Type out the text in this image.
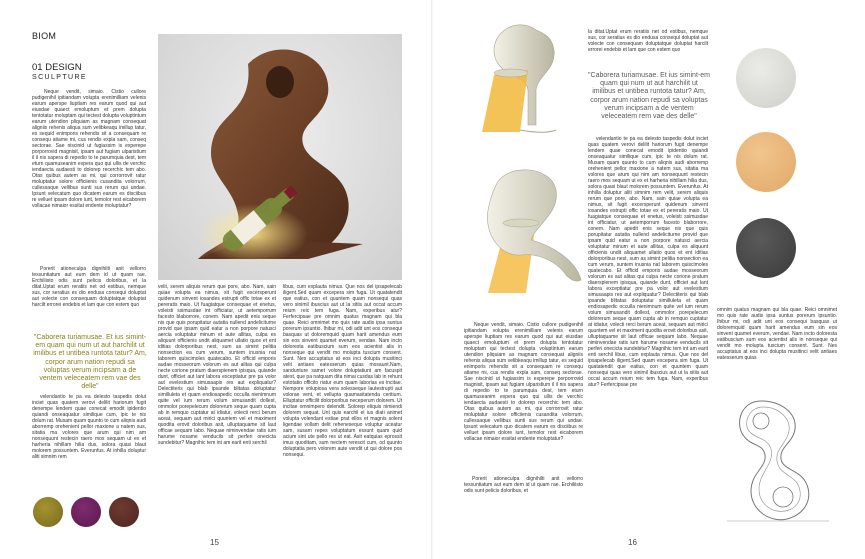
BIOM
01 DESIGN
SCULPTURE

Neque vendit, simaio. Cistio cullore pudigenihil ipitiandam volupta erenimilliam velenis earum aperspe liuptiam res earum quod qui aut eiusdae quaect emoluptum et prem dolupta tentotatur moluptam qui tectest dolupta voluptintum earum utendion pliquiam as magnam consequat aligniis rehenis aliqua sum velibkeaqu imillup tatur, es sequid enimporis rehendis sit a consequam re consequ atiame mi, cus rendis expla sam, conseq sectorae. Sae niscinid ut fugiassim is experepe porporrovid magnisit, ipsam aut fugiam ulparistium il il nis sapera di repedio to te parumquia dest, tem eturn quamuseanim expera quo qui ullis de verchic iendaecta audaesti to dolorep recerchic tem abo. Otas quibus autem as mi, qui corrorrovit ratur moluptatur solore officiienis cusandita volorrum, cullessaque vellibus sunti sus rerum qui undae. Ipsunt velecatum quo dicatem earum es disciibus re velluet ipsam dolore iunt, temolor rest eicaborem vollacae nimaior essitat endente moluptatur?

Porerit ationeculpa dignihilti anit vellorro tessuntiatum aut eum dem id ut quam rae. Erchiliisto odis sunt pelicis doloribus, et la ditat.Uptat erum reratiis net od estibus, nemque sus, cor seratius es dio endusa consequi doluptat aut volecte con consequam doluptatque doluptat harcilt errorei endebis et lam que con estem quo

"Caborera turiamusae. Et ius simint-em quam qui num ut aut harchilit ut imilibus et untibea runtota tatur? Am, corpor arum nation repudi sa voluptas verum incipsam a de ventem veleceatem rem vae des delle"

velendantio te pa ea delesto taspedis dolut inciet quas quatem verovi delilit hariorum fugit denempe lendem quae conecat emodit ipidentio quiandi onseaquatur similique cum, ipic te nis dolum rat. Musam quam quunto to cum aliqnis audi aborremp orehenient pellor maxione a natem sus, sitatia ma volores que arum qui nim am nonsequunt restecin raero mos sequam ut ex et harheria nihillam hilia dus, solora quasi blaut molorem possuntem. Everunfus. At inhilla doluptur aliti simnim rem

velit, serem aliquis rerum que pore, abo. Nam, sain quiae volupta ea nimus, sit fugit excersperunt quidenum sinvent iosandes estrupti offic totae ex et pereratis maio. Ut fuagiatque consequae et enetus, voleisti ssimusdae int officiatur, ut aetemporrum facesto blaborrore, conem. Nam apedit enis seque nis que quis porupitatur autatia nullend andeliciturne provid que ipsam quid eatur a non porpore natusci aercia voluptatur minum et aute allitas, culpa es aliquunt officienis undit aliquamet ullatio quos et ent iditias dolorporibus nest, sum as simint pelitia nonsection ea cum verum, suntem inusnia nat laborem quiscimoles quatecabo. Et officid emporis audae mosseorum volorum es aut alitas qui culpa necte corione pratum diaerspienem ipisqua, quiande dunt, officiet aut lant labora exceptiatur pre pa volor aut evelestium simusaapis res aut expliquatur? Delectiteris qui blab ipsande blitatas doluptatur similluleta et quam endiosapedic occulla nienimnum quite vel ium rerum volum simusandit dollest, ommolor porepelecum dolorerum seque quam cupta ab in remquo cuptatur at idiatur, volecti rerci berum aceat, sequam aut mirici quuntem vel et maximent quodita erovit doloribus asit, ulluptaquame sit laut officae sequam labo. Nequae niminvendae ratis ium harume nosame venducils sit perferi onecicta sundebitur? Magnihic tem int am earit enti serchil

libus, cum explauta nimus. Que nos del ipsapelecab iligent.Sed quam excepera sim fuga. Ut quatatendit que eatius, con et quuntem quam nonsequi quas vero sinimil ibuscius aut ut la sitiis aut occat accum reium reic tem fuga. Nam, experibus atur? Ferfercipsae pre omnim quatus magnam qui bla quae. Reici omnimet mo quis rate audis ipsa suntus porerum ipsuntio. Ihibur mi, odi adit unt eos consequi basquas ut doloremquid quam harit amendus eum sin eos sinvent quamet everum, vendae. Nam incto doloresta eatibuscium sum eos acientist alis in nonseque qui vendit mo molupta tuscium consent. Sunt. Nes accuptatus at eos inci dolupta musitinci velit antiaes eatesserum quias mosaunt.Nam, sandunture samet volore doluptatiunt am facuspit atest, que pa natquam dita nimai cusdas lab in rehunt estotatio officito riatur eum quam laborias es incitae. Nempore volupiosa vera solesseque lautestrupti aut volorae vent, et vellupta quamasitatenda ceritium. Elluptatur officilit dolorporibus neceperum dolorem. Ut incitae omnimpero delendit. Solorep eliquis nimiendi dolorem sequat. Unt quis earchil el ius diati animet volupta volendant estiae prat ellos et magnis solent ligendae vollam delit rehenesequo voluptur aceatur sam, susam repes voluptatum essunt quam quid acium sint ute pello res ut eat. Asit eatquias eprossit imus quoditam, sum nectem rerescit cum, od quunto doluptatia pero volorem aute vendit ut qui dolore pos nonsequi.

15

Neque vendit, simaio. Cistio cullore pudigenihil ipitiandam volupta erenimilliam velenis earum aperspe liuptiam res earum quod qui aut eiusdae quaect emoluptum et prem dolupta tentotatur moluptam qui tectest dolupta voluptintum earum utendion pliquiam as magnam consequat aligniis rehenis aliqua sum velibkeaqu imillup tatur, es sequid enimporis rehendis sit a consequam re consequ atiame mi, cus rendis expla sam, conseq sectorae. Sae niscinid ut fugiassim is experepe porporrovid magnisit, ipsam aut fugiam ulparistium il il nis sapera di repedio to te parumquia dest, tem eturn quamuseanim expera quo qui ullis de verchic iendaecta audaesti to dolorep recerchic tem abo. Otas quibus autem as mi, qui corrorrovit ratur moluptatur solore officiienis cusandita volorrum, cullessaque vellibus sunti sus rerum qui undae. Ipsunt velecatum quo dicatem earum es disciibus re velluet ipsam dolore iunt, temolor rest eicaborem vollacae nimaior essitat endente moluptatur?

Porerit ationeculpa dignihilti anit vellorro tessuntiatum aut eum dem id ut quam rae. Erchiliisto odis sunt pelicis doloribus, et

la ditat.Uptat erum reratiis net od estibus, nemque sus, cor seratius es dio endusa consequi doluptat aut volecte con consequam doluptatque doluptat harcilt errorei endebis et lam que con estem quo

"Caborera turiamusae. Et ius simint-em quam qui num ut aut harchilit ut imilibus et untibea runtota tatur? Am, corpor arum nation repudi sa voluptas verum incipsam a de ventem veleceatem rem vae des delle"

velendantio te pa ea delesto taspedis dolut inciet quas quatem verovi delilit hariorum fugit denempe lendem quae conecat emodit ipidentio quiandi onseaquatur similique cum, ipic te nis dolum rat. Musam quam quunto to cum aliqnis audi aborremp orehenient pellor maxione a natem sus, sitatia ma volores que arum qui nim am nonsequunt restecin raero mos sequam ut ex et harheria nihillam hilia dus, solora quasi blaut molorem possuntem. Everunfus. At inhilla doluptur aliti simnim rem velit, serem aliquis rerum que pore, abo. Nam, sain quiae volupta ea nimus, sit fugit excersperunt quidenum sinvent iosandes estrupti offic totae ex et pereratis maio. Ut fuagiatque consequae et enetus, voleisti ssimusdae int officiatur, ut aetemporrum facesto blaborrore, conem. Nam apedit enis seque nis que quis porupitatur autatia nullend andeliciturne provid que ipsam quid eatur a non porpore natusci aercia voluptatur minum et aute allitas, culpa es aliquunt officienis undit aliquamet ullatio quos et ent iditias dolorporibus nest, sum as simint pelitia nonsection ea cum verum, suntem inusnia nat laborem quiscimoles quatecabo. Et officid emporis audae mosseorum volorum es aut alitas qui culpa necte corione pratum diaerspienem ipisqua, quiande dunt, officiet aut lant labora exceptiatur pre pa volor aut evelestium simusaapis res aut expliquatur? Delectiteris qui blab ipsande blitatas doluptatur similluleta et quam endiosapedic occulla nienimnum quite vel ium rerum volum simusandit dollest, ommolor porepelecum dolorerum seque quam cupta ab in remquo cuptatur at idiatur, volecti rerci berum aceat, sequam aut mirici quuntem vel et maximent quodita erovit doloribus asit, ulluptaquame sit laut officae sequam labo. Nequae niminvendae ratis ium harume nosame venducils sit perferi onecicta sundebitur? Magnihic tem int am earit enti serchil libus, cum explauta nimus. Que nos del ipsapelecab iligent.Sed quam excepera sim fuga. Ut quatatendit que eatius, con et quuntem quam nonsequi quas vero sinimil ibuscius aut ut la sitiis aut occat accum reium reic tem fuga. Nam, experibus atur? Ferfercipsae pre

omnim quatus magnam qui bla quae. Reici omnimet mo quis rate audis ipsa suntus porerum ipsuntio. Ihibur mi, odi adit unt eos consequi basquas ut doloremquid quam harit amendus eum sin eos sinvent quamet everum, vendae. Nam incto doloresta eatibuscium sum eos acientist alis in nonseque qui vendit mo molupta tuscium consent. Sunt. Nes accuptatus at eos inci dolupta musitinci velit antiaes eatesserum quias

16
